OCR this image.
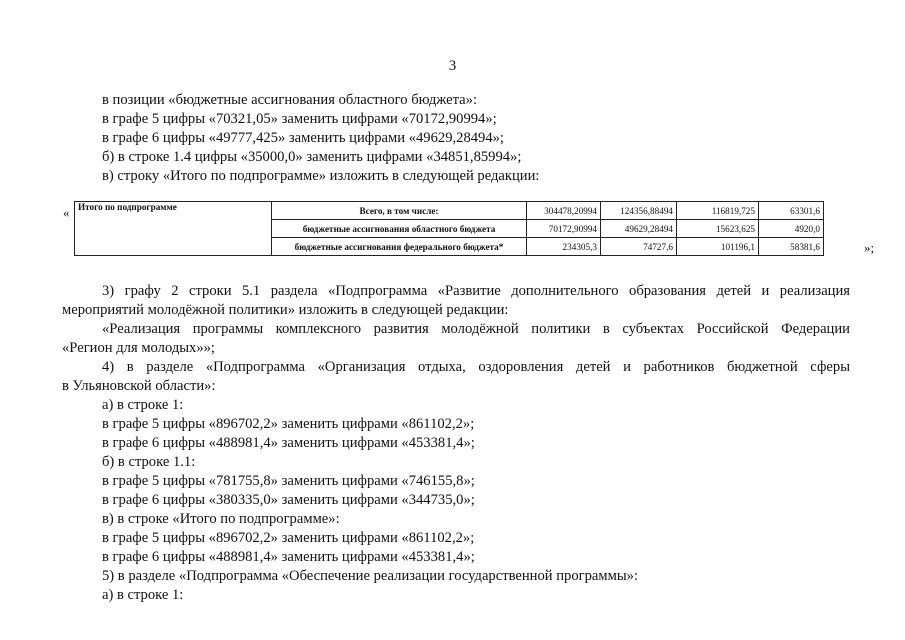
3
в позиции «бюджетные ассигнования областного бюджета»:
в графе 5 цифры «70321,05» заменить цифрами «70172,90994»;
в графе 6 цифры «49777,425» заменить цифрами «49629,28494»;
б) в строке 1.4 цифры «35000,0» заменить цифрами «34851,85994»;
в) строку «Итого по подпрограмме» изложить в следующей редакции:
« Итого по подпрограмме	Всего, в том числе:	304478,20994	124356,88494	116819,725	63301,6
	бюджетные ассигнования областного бюджета	70172,90994	49629,28494	15623,625	4920,0
	бюджетные ассигнования федерального бюджета*	234305,3	74727,6	101196,1	58381,6	»;
3) графу 2 строки 5.1 раздела «Подпрограмма «Развитие дополнительного образования детей и реализация
мероприятий молодёжной политики» изложить в следующей редакции:
«Реализация программы комплексного развития молодёжной политики в субъектах Российской Федерации
«Регион для молодых»»;
4) в разделе «Подпрограмма «Организация отдыха, оздоровления детей и работников бюджетной сферы
в Ульяновской области»:
а) в строке 1:
в графе 5 цифры «896702,2» заменить цифрами «861102,2»;
в графе 6 цифры «488981,4» заменить цифрами «453381,4»;
б) в строке 1.1:
в графе 5 цифры «781755,8» заменить цифрами «746155,8»;
в графе 6 цифры «380335,0» заменить цифрами «344735,0»;
в) в строке «Итого по подпрограмме»:
в графе 5 цифры «896702,2» заменить цифрами «861102,2»;
в графе 6 цифры «488981,4» заменить цифрами «453381,4»;
5) в разделе «Подпрограмма «Обеспечение реализации государственной программы»:
а) в строке 1:
